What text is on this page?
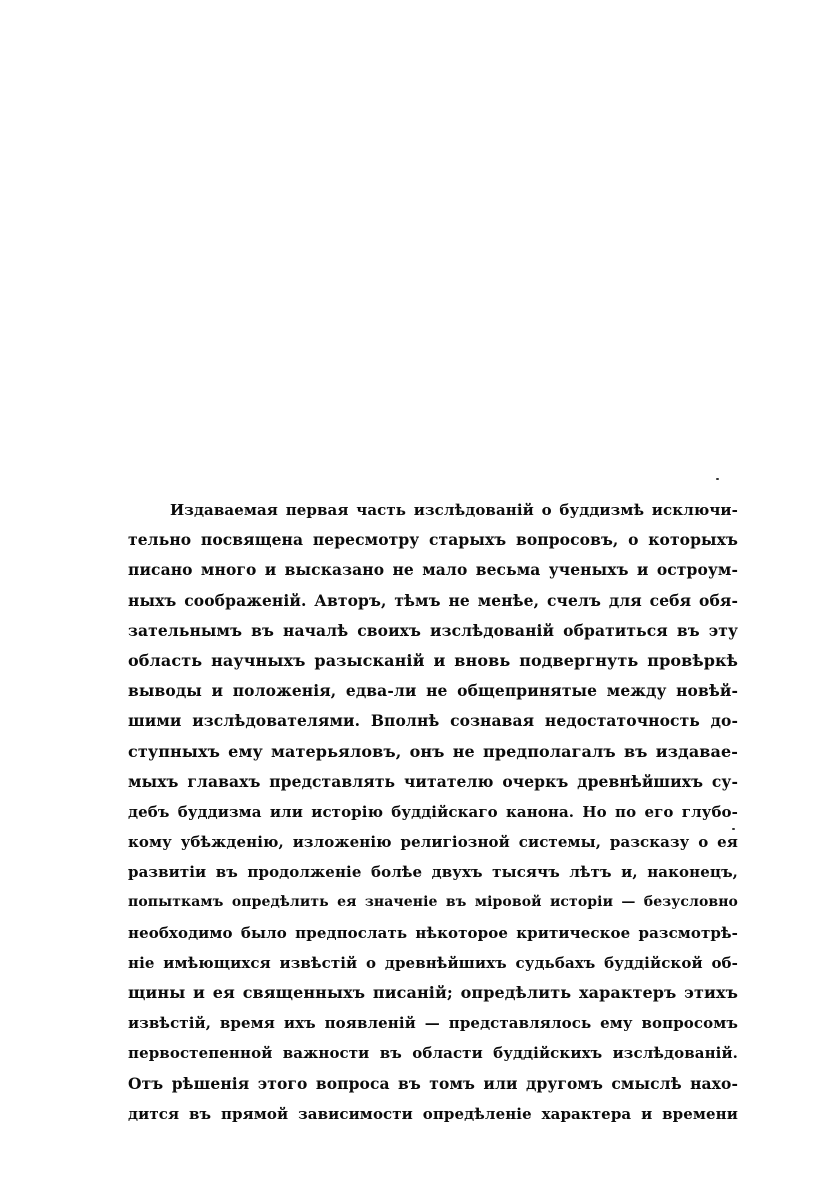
Издаваемая первая часть изслѣдованій о буддизмѣ исключи-
тельно посвящена пересмотру старыхъ вопросовъ, о которыхъ
писано много и высказано не мало весьма ученыхъ и остроум-
ныхъ соображеній. Авторъ, тѣмъ не менѣе, счелъ для себя обя-
зательнымъ въ началѣ своихъ изслѣдованій обратиться въ эту
область научныхъ разысканій и вновь подвергнуть провѣркѣ
выводы и положенія, едва-ли не общепринятые между новѣй-
шими изслѣдователями. Вполнѣ сознавая недостаточность до-
ступныхъ ему матерьяловъ, онъ не предполагалъ въ издавае-
мыхъ главахъ представлять читателю очеркъ древнѣйшихъ су-
дебъ буддизма или исторію буддійскаго канона. Но по его глубо-
кому убѣжденію, изложенію религіозной системы, разсказу о ея
развитіи въ продолженіе болѣе двухъ тысячъ лѣтъ и, наконецъ,
попыткамъ опредѣлить ея значеніе въ міровой исторіи — безусловно
необходимо было предпослать нѣкоторое критическое разсмотрѣ-
ніе имѣющихся извѣстій о древнѣйшихъ судьбахъ буддійской об-
щины и ея священныхъ писаній; опредѣлить характеръ этихъ
извѣстій, время ихъ появленій — представлялось ему вопросомъ
первостепенной важности въ области буддійскихъ изслѣдованій.
Отъ рѣшенія этого вопроса въ томъ или другомъ смыслѣ нахо-
дится въ прямой зависимости опредѣленіе характера и времени
